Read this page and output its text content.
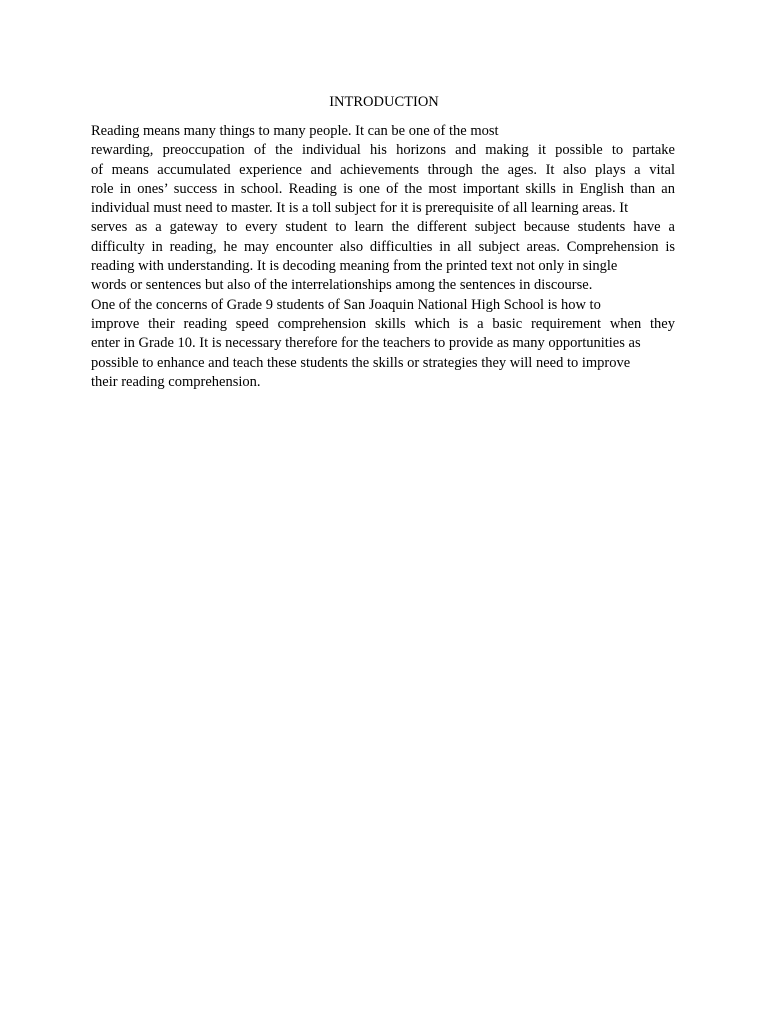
INTRODUCTION
Reading means many things to many people. It can be one of the most
rewarding, preoccupation of the individual his horizons and making it possible to partake
of means accumulated experience and achievements through the ages. It also plays a vital
role in ones’ success in school. Reading is one of the most important skills in English than an
individual must need to master. It is a toll subject for it is prerequisite of all learning areas. It
serves as a gateway to every student to learn the different subject because students have a
difficulty in reading, he may encounter also difficulties in all subject areas. Comprehension is
reading with understanding. It is decoding meaning from the printed text not only in single
words or sentences but also of the interrelationships among the sentences in discourse.
One of the concerns of Grade 9 students of San Joaquin National High School is how to
improve their reading speed comprehension skills which is a basic requirement when they
enter in Grade 10. It is necessary therefore for the teachers to provide as many opportunities as
possible to enhance and teach these students the skills or strategies they will need to improve
their reading comprehension.
